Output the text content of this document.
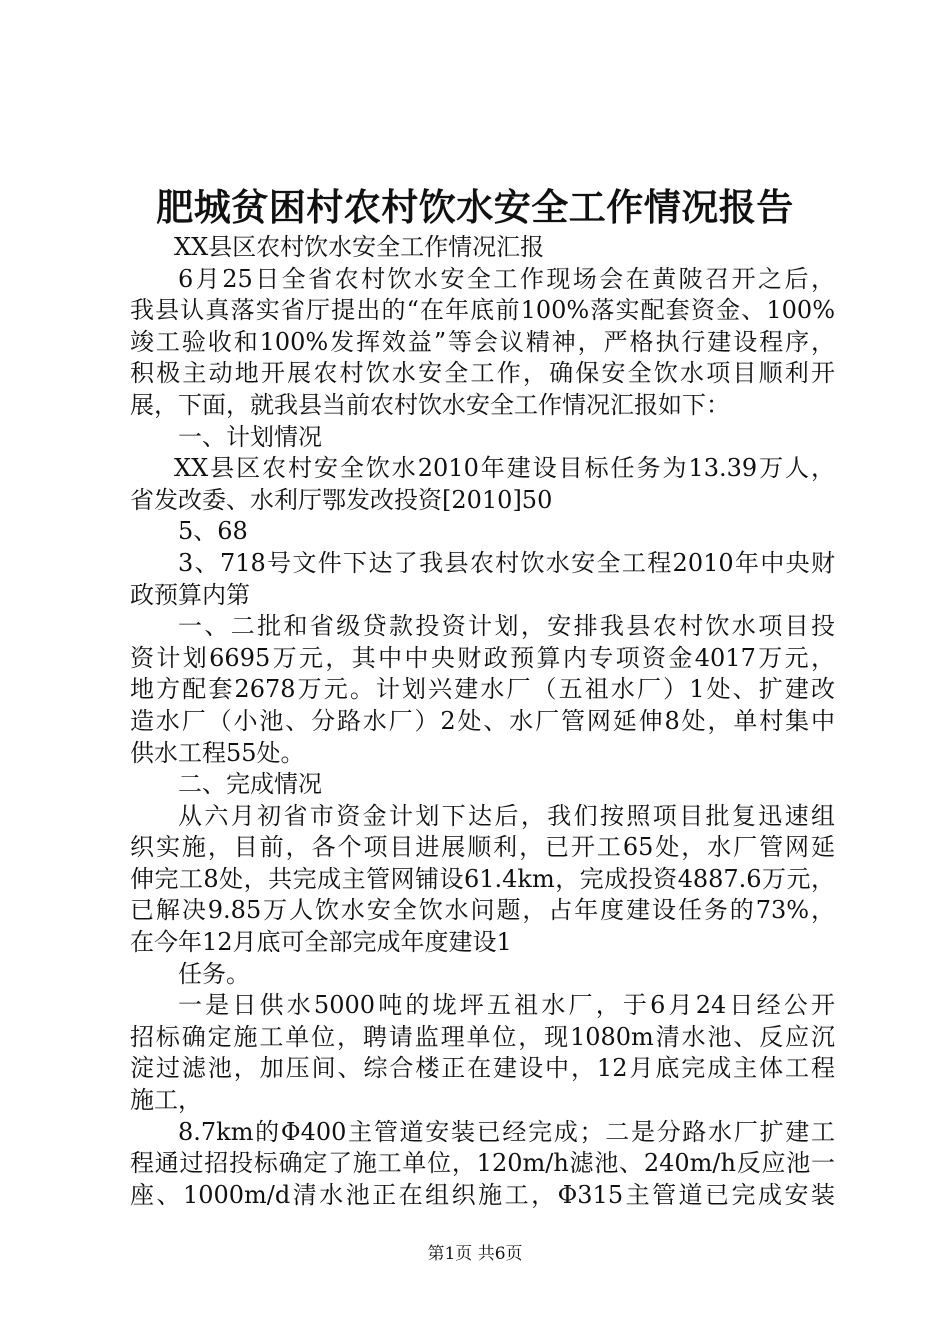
肥城贫困村农村饮水安全工作情况报告
XX县区农村饮水安全工作情况汇报
6月25日全省农村饮水安全工作现场会在黄陂召开之后，
我县认真落实省厅提出的“在年底前100%落实配套资金、100%
竣工验收和100%发挥效益”等会议精神，严格执行建设程序，
积极主动地开展农村饮水安全工作，确保安全饮水项目顺利开
展，下面，就我县当前农村饮水安全工作情况汇报如下：
一、计划情况
XX县区农村安全饮水2010年建设目标任务为13.39万人，
省发改委、水利厅鄂发改投资[2010]50
5、68
3、718号文件下达了我县农村饮水安全工程2010年中央财
政预算内第
一、二批和省级贷款投资计划，安排我县农村饮水项目投
资计划6695万元，其中中央财政预算内专项资金4017万元，
地方配套2678万元。计划兴建水厂（五祖水厂）1处、扩建改
造水厂（小池、分路水厂）2处、水厂管网延伸8处，单村集中
供水工程55处。
二、完成情况
从六月初省市资金计划下达后，我们按照项目批复迅速组
织实施，目前，各个项目进展顺利，已开工65处，水厂管网延
伸完工8处，共完成主管网铺设61.4km，完成投资4887.6万元，
已解决9.85万人饮水安全饮水问题，占年度建设任务的73%，
在今年12月底可全部完成年度建设1
任务。
一是日供水5000吨的垅坪五祖水厂，于6月24日经公开
招标确定施工单位，聘请监理单位，现1080m清水池、反应沉
淀过滤池，加压间、综合楼正在建设中，12月底完成主体工程
施工，
8.7km的Φ400主管道安装已经完成；二是分路水厂扩建工
程通过招投标确定了施工单位，120m/h滤池、240m/h反应池一
座、1000m/d清水池正在组织施工，Φ315主管道已完成安装
第1页 共6页
